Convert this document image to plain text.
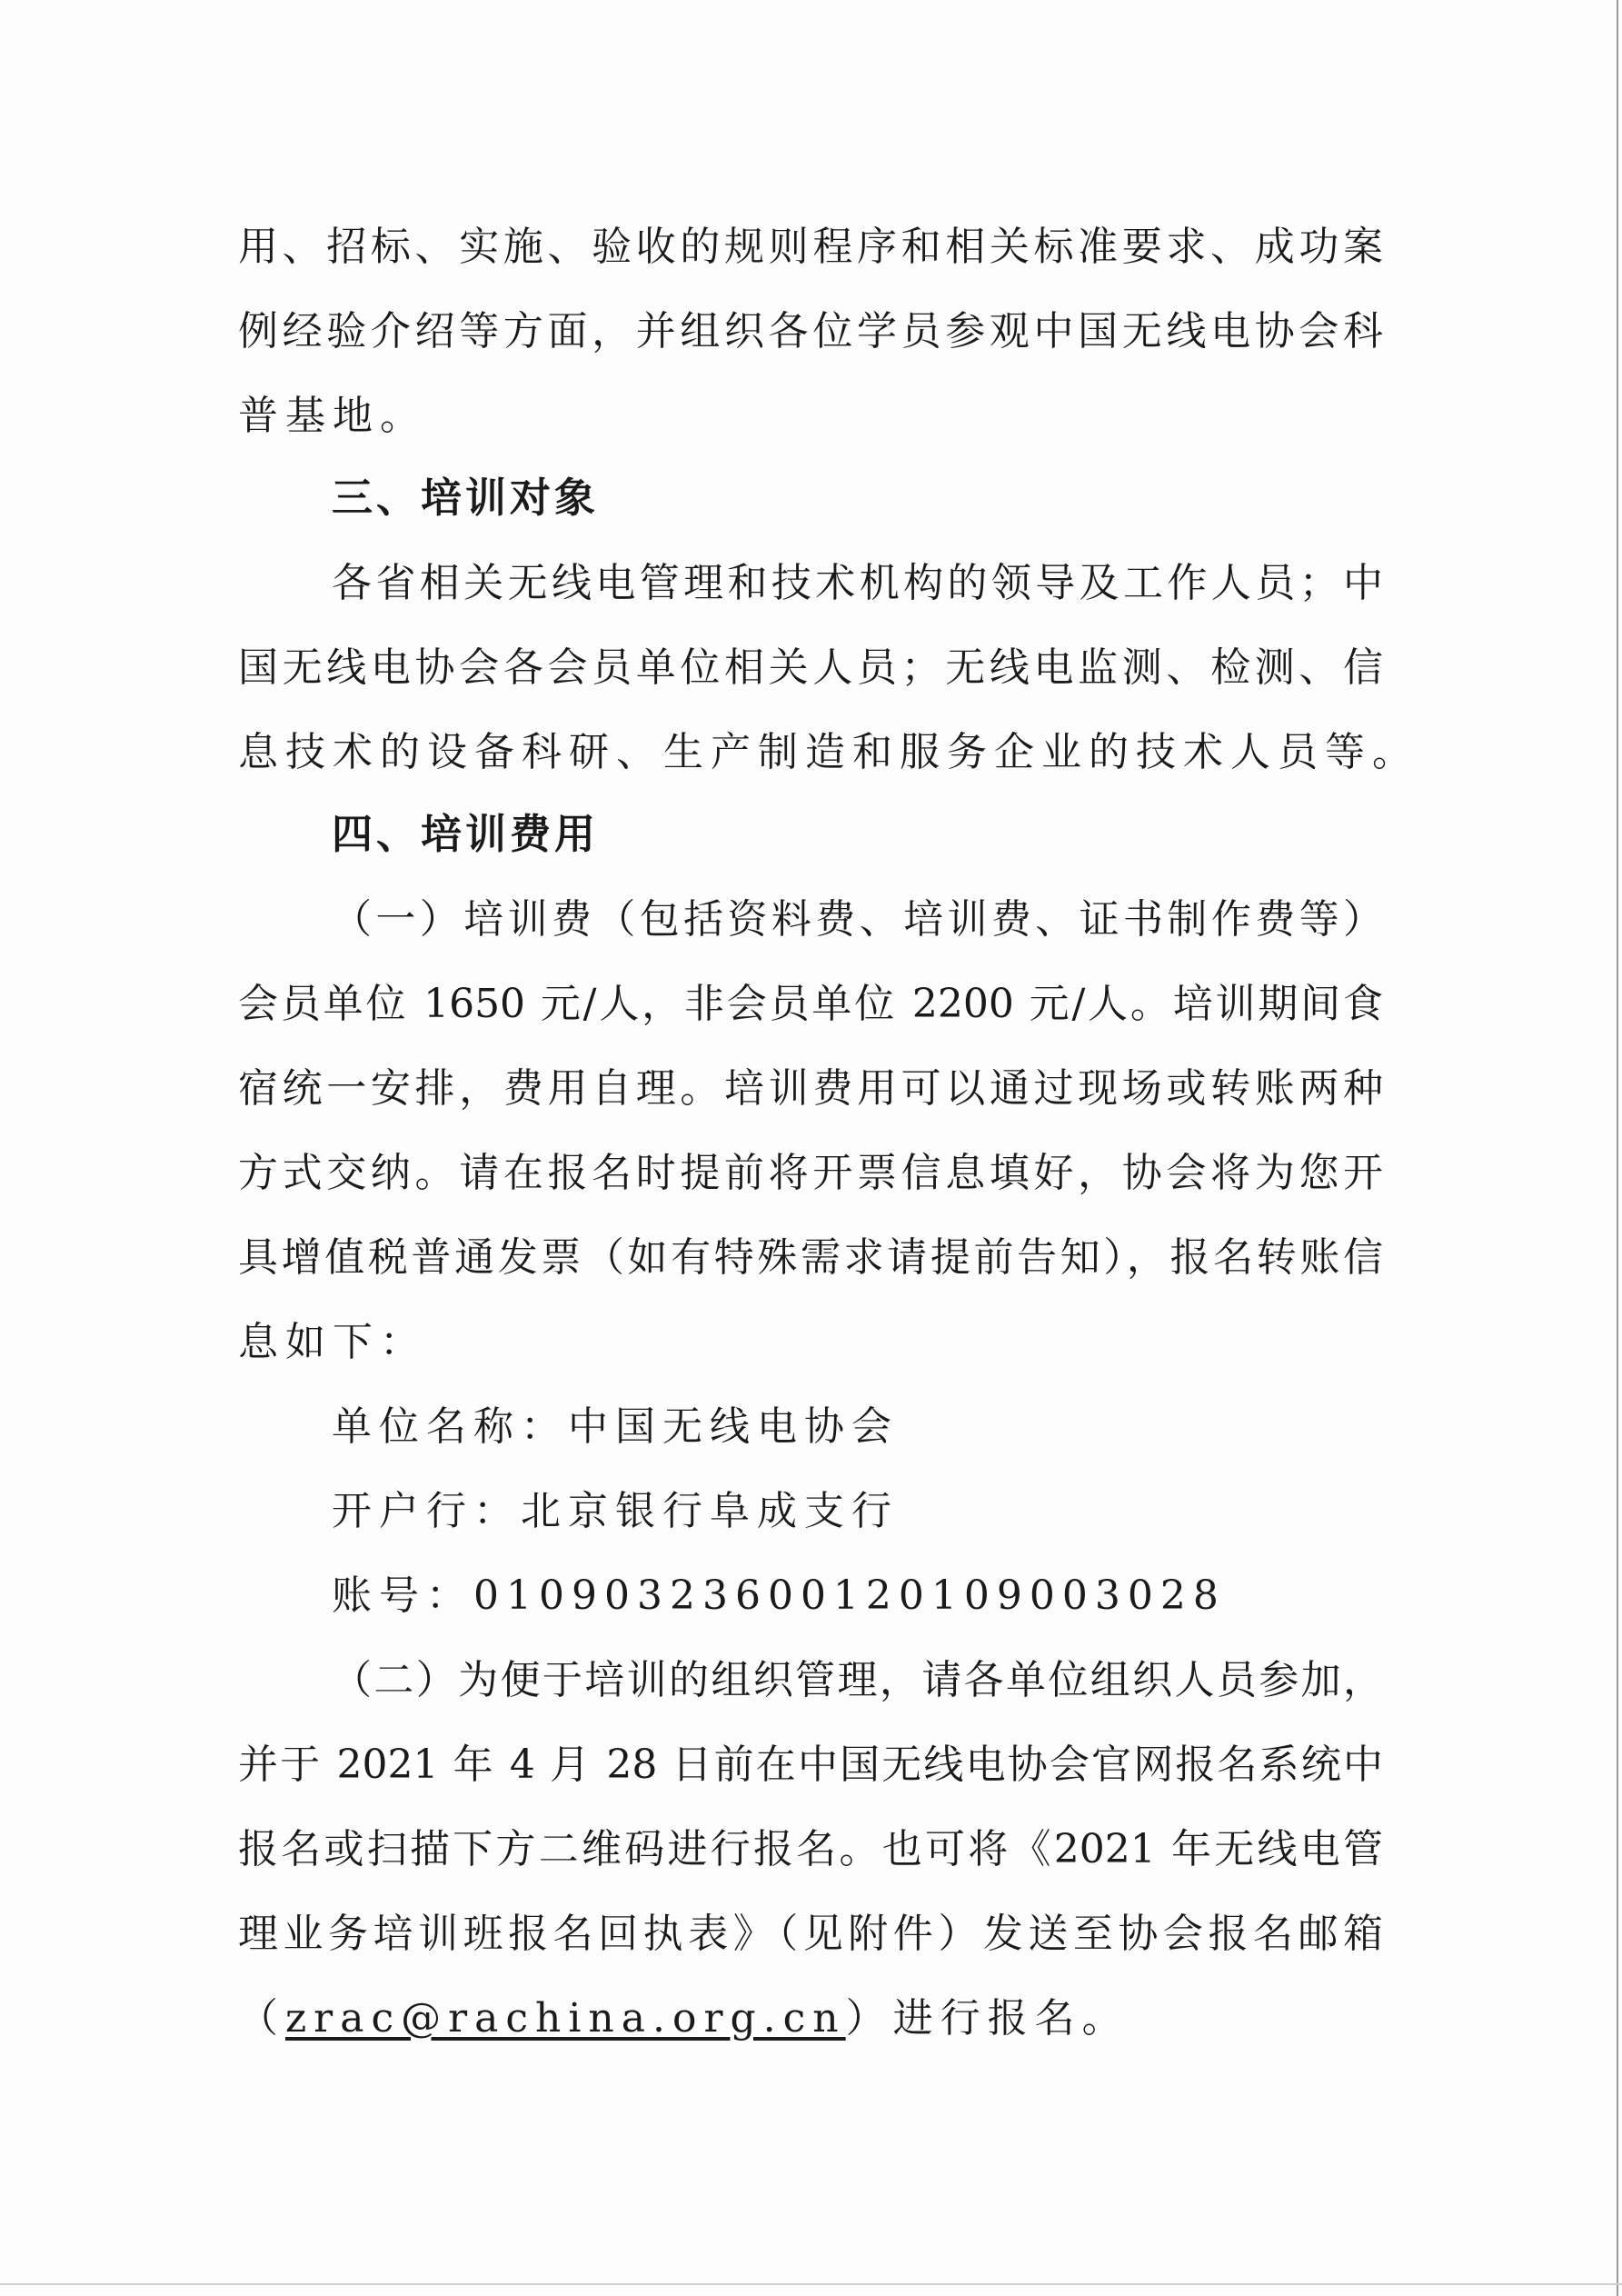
用、招标、实施、验收的规则程序和相关标准要求、成功案
例经验介绍等方面，并组织各位学员参观中国无线电协会科
普基地。
三、培训对象
各省相关无线电管理和技术机构的领导及工作人员；中
国无线电协会各会员单位相关人员；无线电监测、检测、信
息技术的设备科研、生产制造和服务企业的技术人员等。
四、培训费用
（一）培训费（包括资料费、培训费、证书制作费等）
会员单位 1650 元/人，非会员单位 2200 元/人。培训期间食
宿统一安排，费用自理。培训费用可以通过现场或转账两种
方式交纳。请在报名时提前将开票信息填好，协会将为您开
具增值税普通发票（如有特殊需求请提前告知），报名转账信
息如下：
单位名称：中国无线电协会
开户行：北京银行阜成支行
账号：01090323600120109003028
（二）为便于培训的组织管理，请各单位组织人员参加，
并于 2021 年 4 月 28 日前在中国无线电协会官网报名系统中
报名或扫描下方二维码进行报名。也可将《2021 年无线电管
理业务培训班报名回执表》（见附件）发送至协会报名邮箱
（zrac@rachina.org.cn）进行报名。
